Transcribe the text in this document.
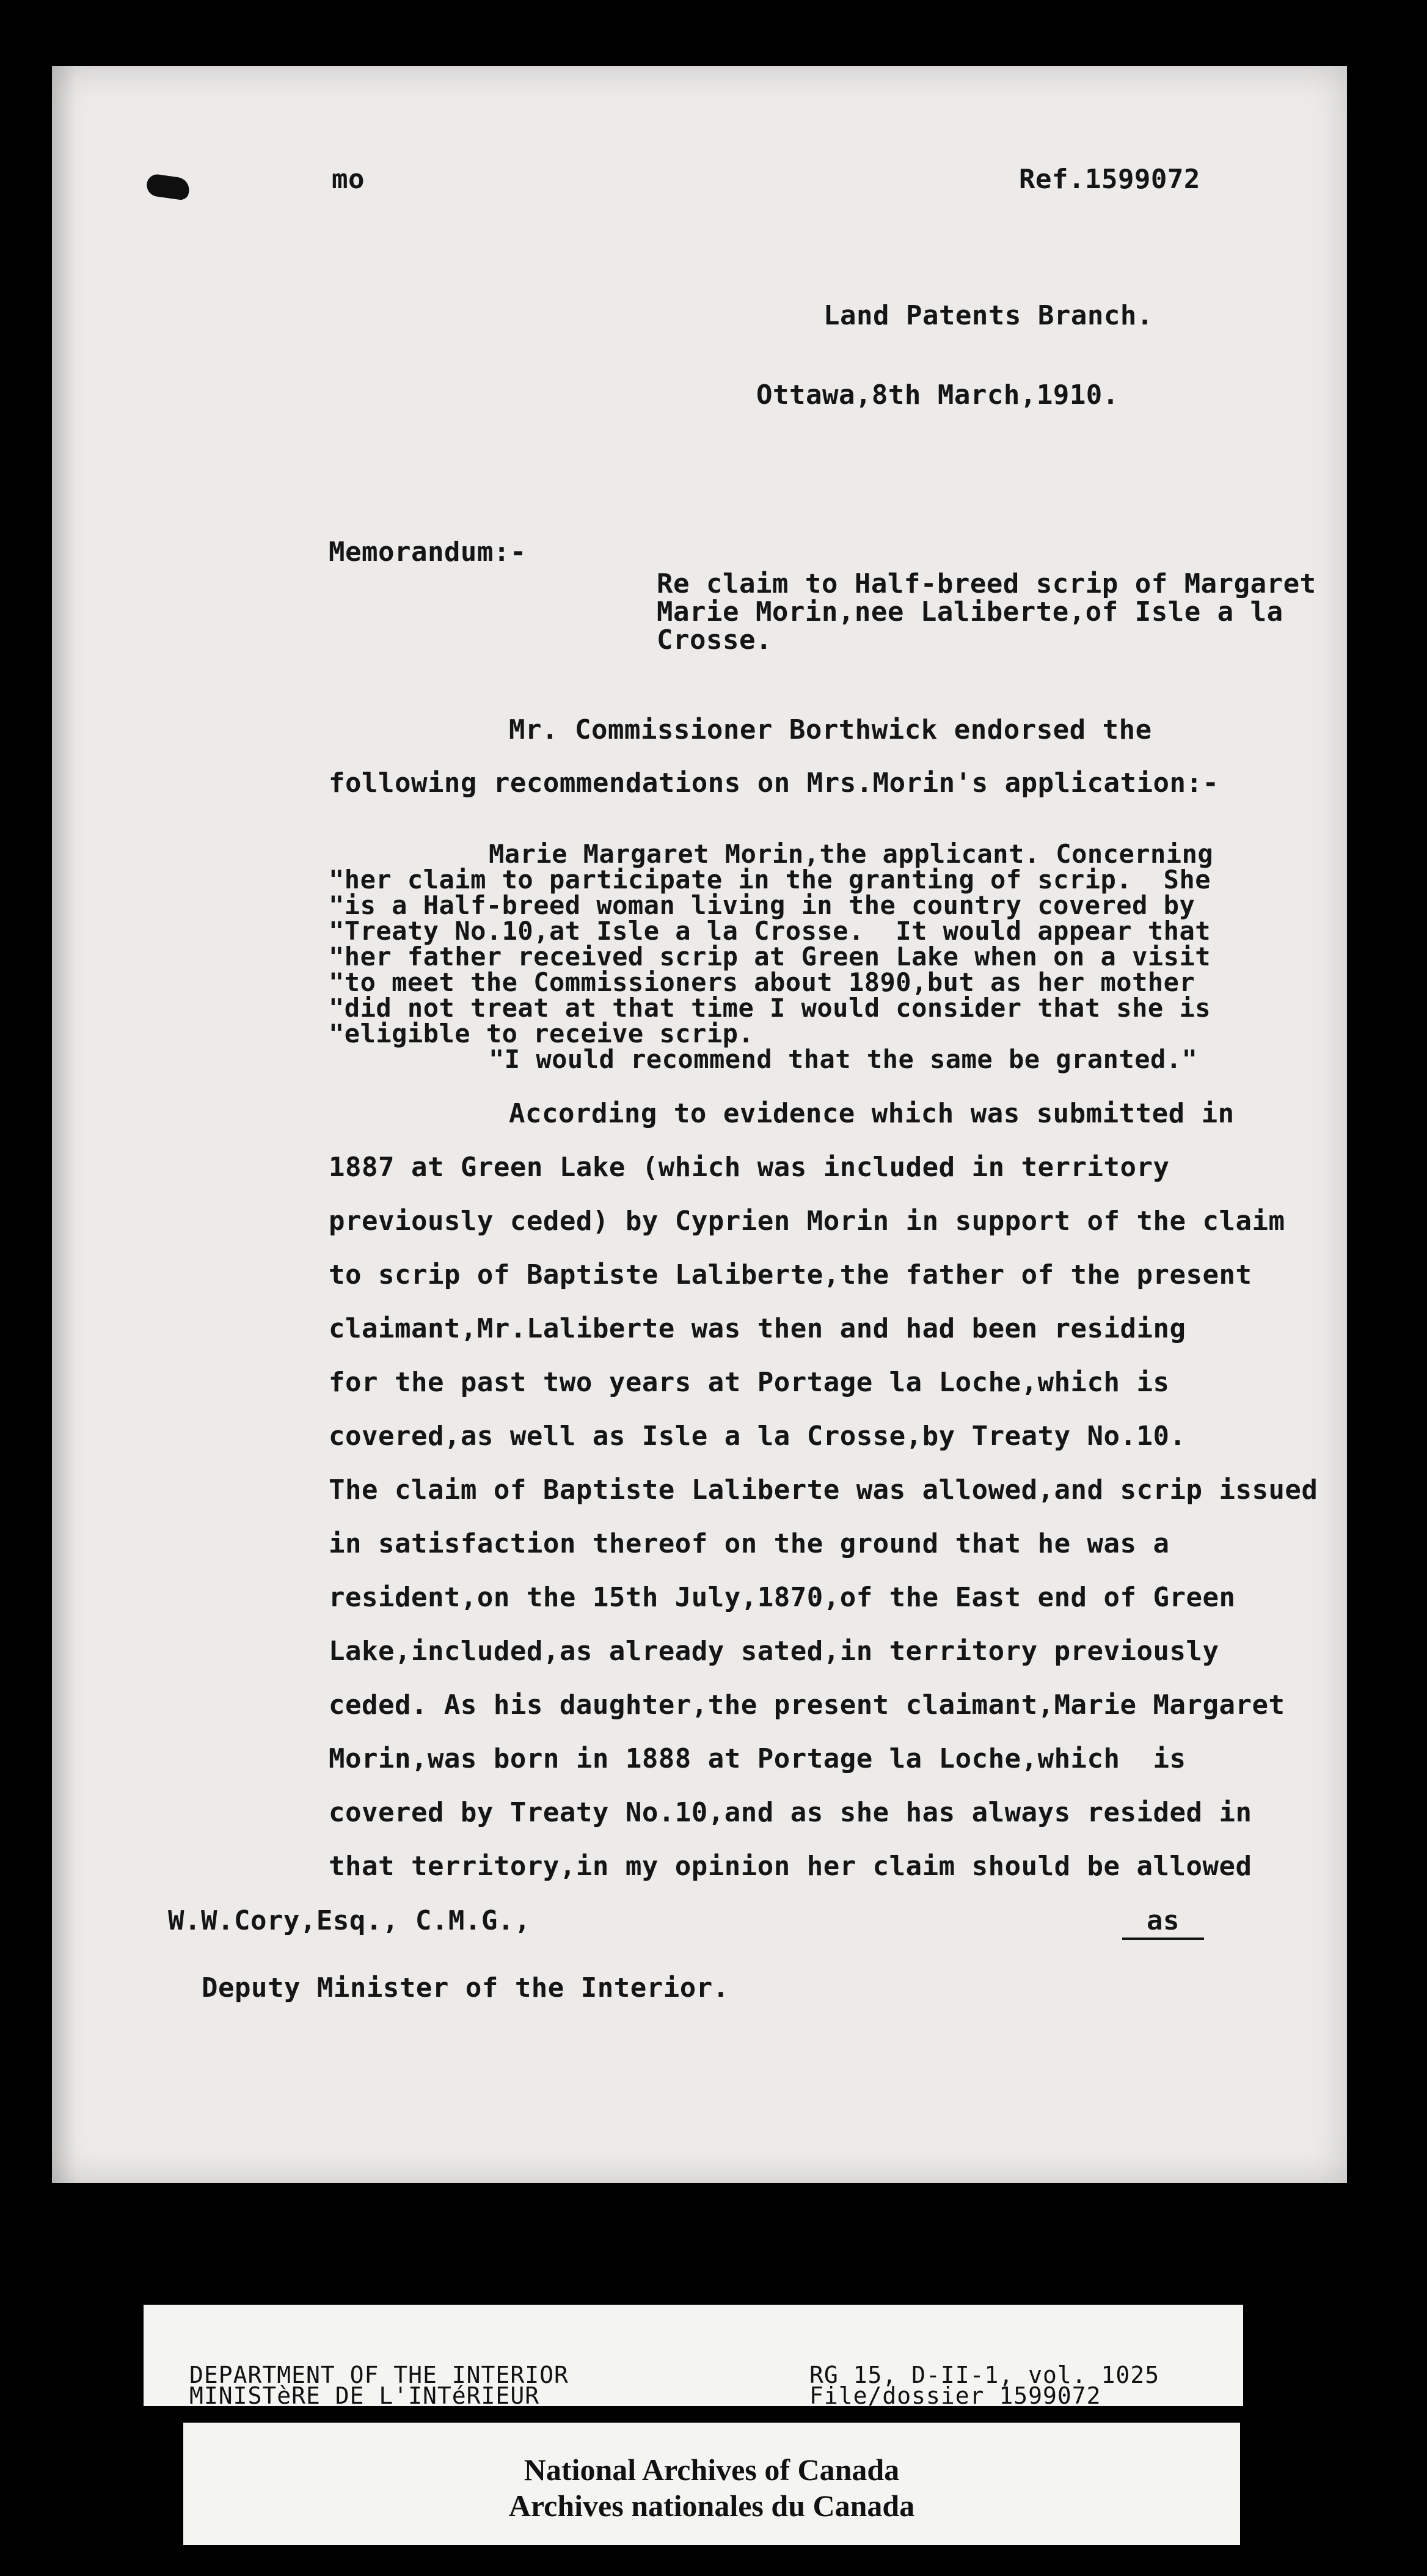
mo	Ref.1599072
Land Patents Branch.
Ottawa,8th March,1910.
Memorandum:-
Re claim to Half-breed scrip of Margaret
Marie Morin,nee Laliberte,of Isle a la
Crosse.
Mr. Commissioner Borthwick endorsed the
following recommendations on Mrs.Morin's application:-
Marie Margaret Morin,the applicant. Concerning
"her claim to participate in the granting of scrip.  She
"is a Half-breed woman living in the country covered by
"Treaty No.10,at Isle a la Crosse.  It would appear that
"her father received scrip at Green Lake when on a visit
"to meet the Commissioners about 1890,but as her mother
"did not treat at that time I would consider that she is
"eligible to receive scrip.
"I would recommend that the same be granted."
According to evidence which was submitted in
1887 at Green Lake (which was included in territory
previously ceded) by Cyprien Morin in support of the claim
to scrip of Baptiste Laliberte,the father of the present
claimant,Mr.Laliberte was then and had been residing
for the past two years at Portage la Loche,which is
covered,as well as Isle a la Crosse,by Treaty No.10.
The claim of Baptiste Laliberte was allowed,and scrip issued
in satisfaction thereof on the ground that he was a
resident,on the 15th July,1870,of the East end of Green
Lake,included,as already sated,in territory previously
ceded. As his daughter,the present claimant,Marie Margaret
Morin,was born in 1888 at Portage la Loche,which  is
covered by Treaty No.10,and as she has always resided in
that territory,in my opinion her claim should be allowed
W.W.Cory,Esq., C.M.G.,	as
Deputy Minister of the Interior.
DEPARTMENT OF THE INTERIOR
MINISTèRE DE L'INTéRIEUR
RG 15, D-II-1, vol. 1025
File/dossier 1599072
National Archives of Canada
Archives nationales du Canada
